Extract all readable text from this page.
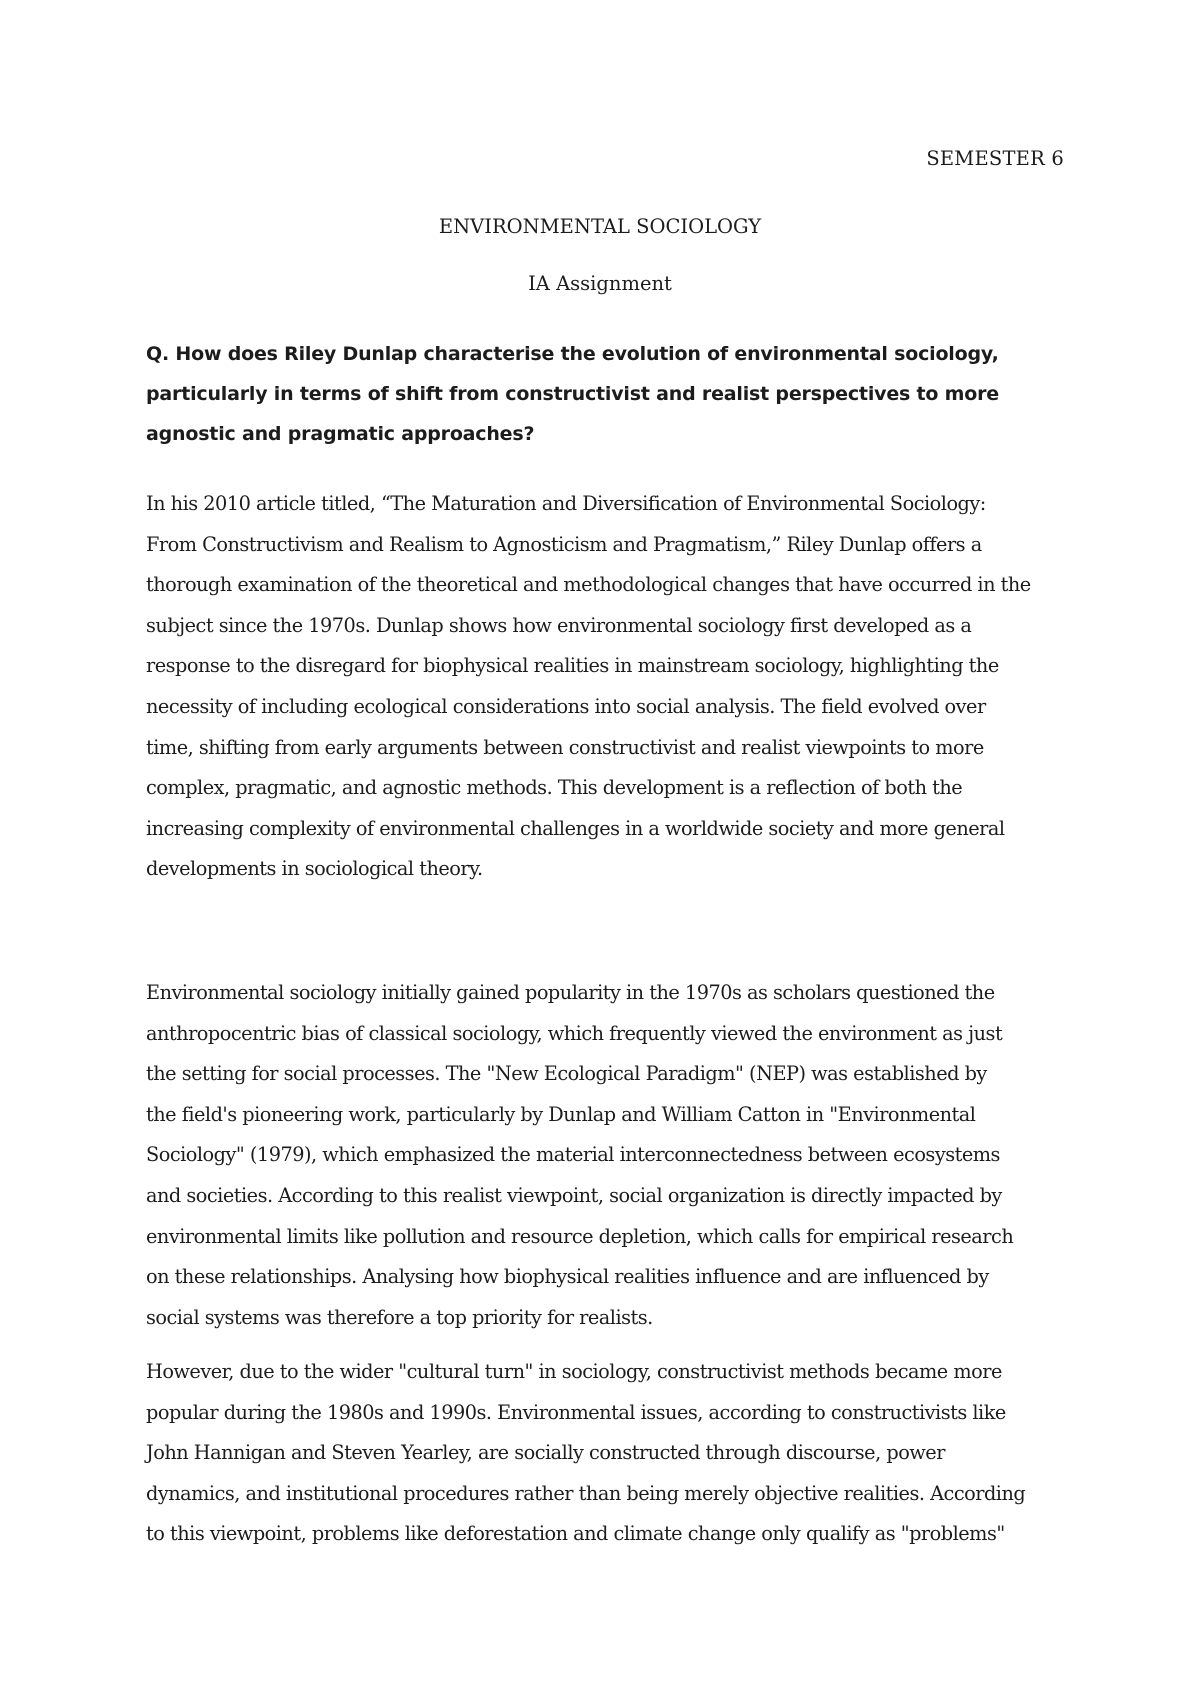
SEMESTER 6
ENVIRONMENTAL SOCIOLOGY
IA Assignment
Q. How does Riley Dunlap characterise the evolution of environmental sociology,
particularly in terms of shift from constructivist and realist perspectives to more
agnostic and pragmatic approaches?
In his 2010 article titled, “The Maturation and Diversification of Environmental Sociology:
From Constructivism and Realism to Agnosticism and Pragmatism,” Riley Dunlap offers a
thorough examination of the theoretical and methodological changes that have occurred in the
subject since the 1970s. Dunlap shows how environmental sociology first developed as a
response to the disregard for biophysical realities in mainstream sociology, highlighting the
necessity of including ecological considerations into social analysis. The field evolved over
time, shifting from early arguments between constructivist and realist viewpoints to more
complex, pragmatic, and agnostic methods. This development is a reflection of both the
increasing complexity of environmental challenges in a worldwide society and more general
developments in sociological theory.
Environmental sociology initially gained popularity in the 1970s as scholars questioned the
anthropocentric bias of classical sociology, which frequently viewed the environment as just
the setting for social processes. The "New Ecological Paradigm" (NEP) was established by
the field's pioneering work, particularly by Dunlap and William Catton in "Environmental
Sociology" (1979), which emphasized the material interconnectedness between ecosystems
and societies. According to this realist viewpoint, social organization is directly impacted by
environmental limits like pollution and resource depletion, which calls for empirical research
on these relationships. Analysing how biophysical realities influence and are influenced by
social systems was therefore a top priority for realists.
However, due to the wider "cultural turn" in sociology, constructivist methods became more
popular during the 1980s and 1990s. Environmental issues, according to constructivists like
John Hannigan and Steven Yearley, are socially constructed through discourse, power
dynamics, and institutional procedures rather than being merely objective realities. According
to this viewpoint, problems like deforestation and climate change only qualify as "problems"
